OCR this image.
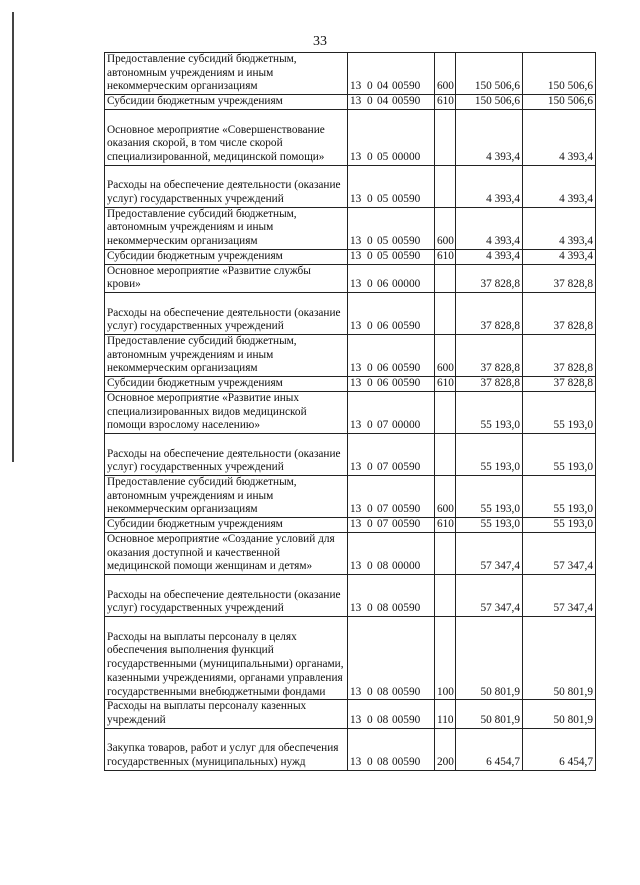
33
Предоставление субсидий бюджетным, автономным учреждениям и иным некоммерческим организациям	13 0 04 00590	600	150 506,6	150 506,6
Субсидии бюджетным учреждениям	13 0 04 00590	610	150 506,6	150 506,6
Основное мероприятие «Совершенствование оказания скорой, в том числе скорой специализированной, медицинской помощи»	13 0 05 00000		4 393,4	4 393,4
Расходы на обеспечение деятельности (оказание услуг) государственных учреждений	13 0 05 00590		4 393,4	4 393,4
Предоставление субсидий бюджетным, автономным учреждениям и иным некоммерческим организациям	13 0 05 00590	600	4 393,4	4 393,4
Субсидии бюджетным учреждениям	13 0 05 00590	610	4 393,4	4 393,4
Основное мероприятие «Развитие службы крови»	13 0 06 00000		37 828,8	37 828,8
Расходы на обеспечение деятельности (оказание услуг) государственных учреждений	13 0 06 00590		37 828,8	37 828,8
Предоставление субсидий бюджетным, автономным учреждениям и иным некоммерческим организациям	13 0 06 00590	600	37 828,8	37 828,8
Субсидии бюджетным учреждениям	13 0 06 00590	610	37 828,8	37 828,8
Основное мероприятие «Развитие иных специализированных видов медицинской помощи взрослому населению»	13 0 07 00000		55 193,0	55 193,0
Расходы на обеспечение деятельности (оказание услуг) государственных учреждений	13 0 07 00590		55 193,0	55 193,0
Предоставление субсидий бюджетным, автономным учреждениям и иным некоммерческим организациям	13 0 07 00590	600	55 193,0	55 193,0
Субсидии бюджетным учреждениям	13 0 07 00590	610	55 193,0	55 193,0
Основное мероприятие «Создание условий для оказания доступной и качественной медицинской помощи женщинам и детям»	13 0 08 00000		57 347,4	57 347,4
Расходы на обеспечение деятельности (оказание услуг) государственных учреждений	13 0 08 00590		57 347,4	57 347,4
Расходы на выплаты персоналу в целях обеспечения выполнения функций государственными (муниципальными) органами, казенными учреждениями, органами управления государственными внебюджетными фондами	13 0 08 00590	100	50 801,9	50 801,9
Расходы на выплаты персоналу казенных учреждений	13 0 08 00590	110	50 801,9	50 801,9
Закупка товаров, работ и услуг для обеспечения государственных (муниципальных) нужд	13 0 08 00590	200	6 454,7	6 454,7
